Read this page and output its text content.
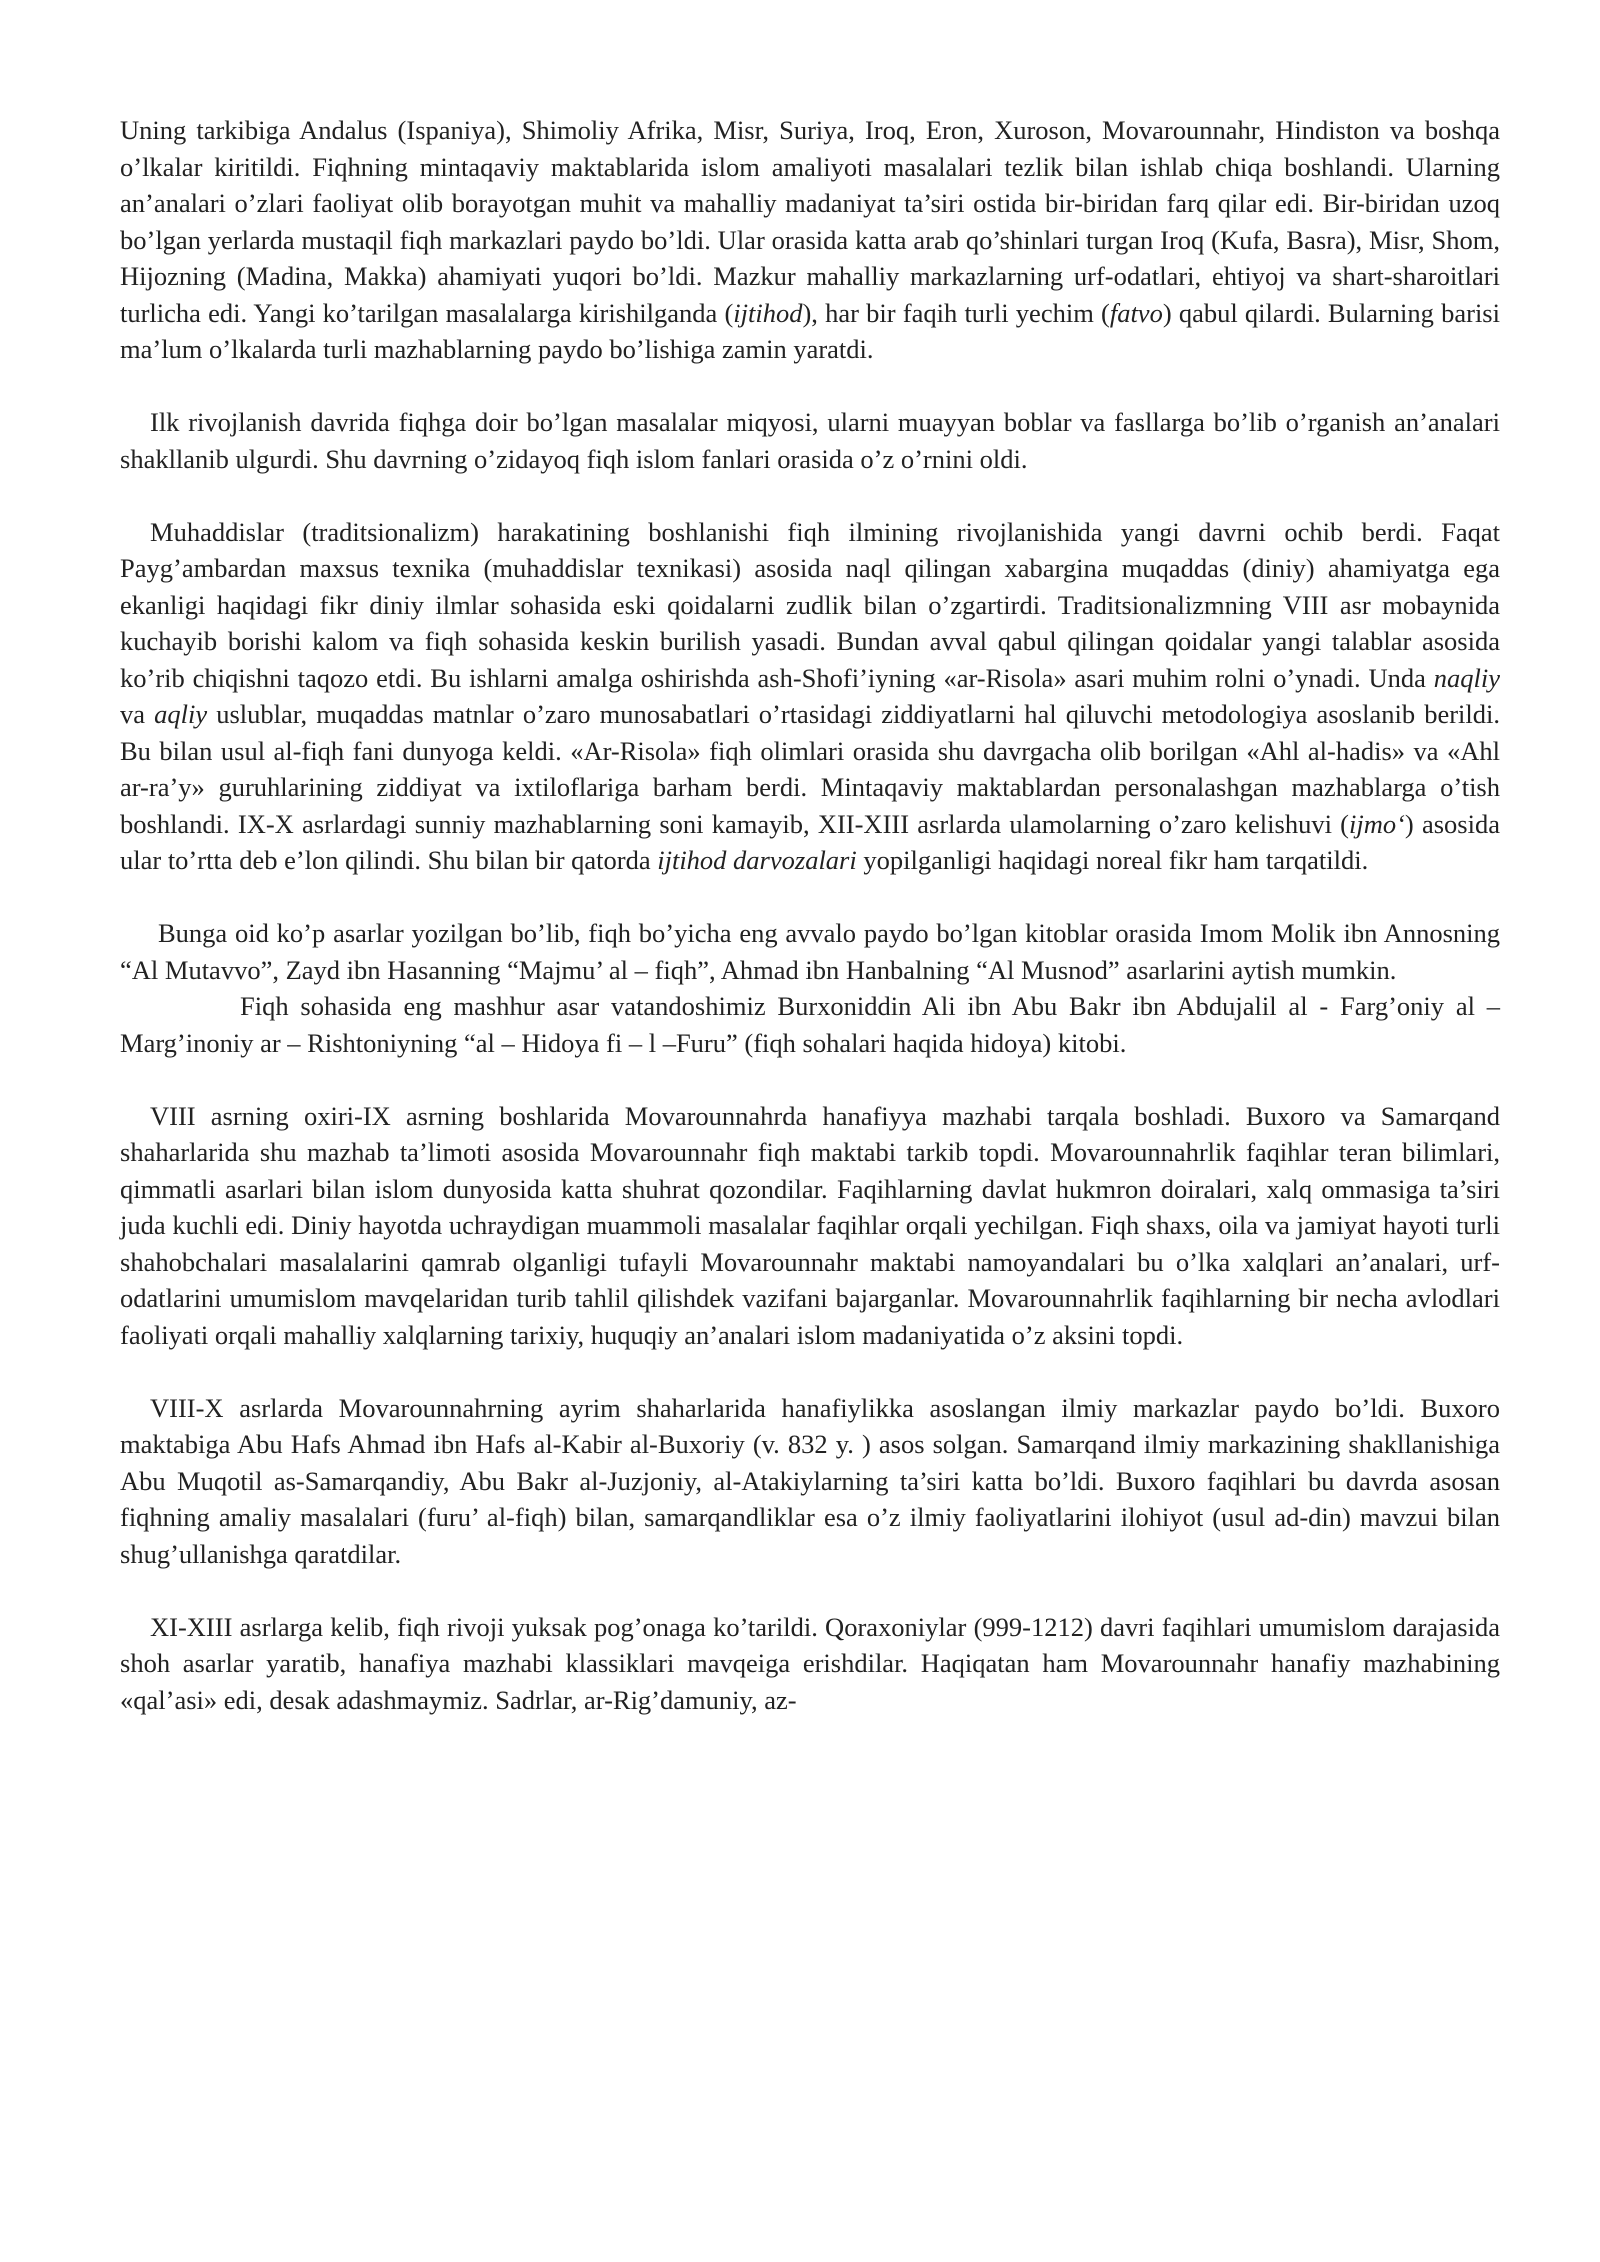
Uning tarkibiga Andalus (Ispaniya), Shimoliy Afrika, Misr, Suriya, Iroq, Eron, Xuroson, Movarounnahr, Hindiston va boshqa o’lkalar kiritildi. Fiqhning mintaqaviy maktablarida islom amaliyoti masalalari tezlik bilan ishlab chiqa boshlandi. Ularning an’analari o’zlari faoliyat olib borayotgan muhit va mahalliy madaniyat ta’siri ostida bir-biridan farq qilar edi. Bir-biridan uzoq bo’lgan yerlarda mustaqil fiqh markazlari paydo bo’ldi. Ular orasida katta arab qo’shinlari turgan Iroq (Kufa, Basra), Misr, Shom, Hijozning (Madina, Makka) ahamiyati yuqori bo’ldi. Mazkur mahalliy markazlarning urf-odatlari, ehtiyoj va shart-sharoitlari turlicha edi. Yangi ko’tarilgan masalalarga kirishilganda (ijtihod), har bir faqih turli yechim (fatvo) qabul qilardi. Bularning barisi ma’lum o’lkalarda turli mazhablarning paydo bo’lishiga zamin yaratdi.

Ilk rivojlanish davrida fiqhga doir bo’lgan masalalar miqyosi, ularni muayyan boblar va fasllarga bo’lib o’rganish an’analari shakllanib ulgurdi. Shu davrning o’zidayoq fiqh islom fanlari orasida o’z o’rnini oldi.

Muhaddislar (traditsionalizm) harakatining boshlanishi fiqh ilmining rivojlanishida yangi davrni ochib berdi. Faqat Payg’ambardan maxsus texnika (muhaddislar texnikasi) asosida naql qilingan xabargina muqaddas (diniy) ahamiyatga ega ekanligi haqidagi fikr diniy ilmlar sohasida eski qoidalarni zudlik bilan o’zgartirdi. Traditsionalizmning VIII asr mobaynida kuchayib borishi kalom va fiqh sohasida keskin burilish yasadi. Bundan avval qabul qilingan qoidalar yangi talablar asosida ko’rib chiqishni taqozo etdi. Bu ishlarni amalga oshirishda ash-Shofi’iyning «ar-Risola» asari muhim rolni o’ynadi. Unda naqliy va aqliy uslublar, muqaddas matnlar o’zaro munosabatlari o’rtasidagi ziddiyatlarni hal qiluvchi metodologiya asoslanib berildi. Bu bilan usul al-fiqh fani dunyoga keldi. «Ar-Risola» fiqh olimlari orasida shu davrgacha olib borilgan «Ahl al-hadis» va «Ahl ar-ra’y» guruhlarining ziddiyat va ixtiloflariga barham berdi. Mintaqaviy maktablardan personalashgan mazhablarga o’tish boshlandi. IX-X asrlardagi sunniy mazhablarning soni kamayib, XII-XIII asrlarda ulamolarning o’zaro kelishuvi (ijmo‘) asosida ular to’rtta deb e’lon qilindi. Shu bilan bir qatorda ijtihod darvozalari yopilganligi haqidagi noreal fikr ham tarqatildi.

Bunga oid ko’p asarlar yozilgan bo’lib, fiqh bo’yicha eng avvalo paydo bo’lgan kitoblar orasida Imom Molik ibn Annosning “Al Mutavvo”, Zayd ibn Hasanning “Majmu’ al – fiqh”, Ahmad ibn Hanbalning “Al Musnod” asarlarini aytish mumkin.

Fiqh sohasida eng mashhur asar vatandoshimiz Burxoniddin Ali ibn Abu Bakr ibn Abdujalil al - Farg’oniy al – Marg’inoniy ar – Rishtoniyning “al – Hidoya fi – l –Furu” (fiqh sohalari haqida hidoya) kitobi.

VIII asrning oxiri-IX asrning boshlarida Movarounnahrda hanafiyya mazhabi tarqala boshladi. Buxoro va Samarqand shaharlarida shu mazhab ta’limoti asosida Movarounnahr fiqh maktabi tarkib topdi. Movarounnahrlik faqihlar teran bilimlari, qimmatli asarlari bilan islom dunyosida katta shuhrat qozondilar. Faqihlarning davlat hukmron doiralari, xalq ommasiga ta’siri juda kuchli edi. Diniy hayotda uchraydigan muammoli masalalar faqihlar orqali yechilgan. Fiqh shaxs, oila va jamiyat hayoti turli shahobchalari masalalarini qamrab olganligi tufayli Movarounnahr maktabi namoyandalari bu o’lka xalqlari an’analari, urf-odatlarini umumislom mavqelaridan turib tahlil qilishdek vazifani bajarganlar. Movarounnahrlik faqihlarning bir necha avlodlari faoliyati orqali mahalliy xalqlarning tarixiy, huquqiy an’analari islom madaniyatida o’z aksini topdi.

VIII-X asrlarda Movarounnahrning ayrim shaharlarida hanafiylikka asoslangan ilmiy markazlar paydo bo’ldi. Buxoro maktabiga Abu Hafs Ahmad ibn Hafs al-Kabir al-Buxoriy (v. 832 y. ) asos solgan. Samarqand ilmiy markazining shakllanishiga Abu Muqotil as-Samarqandiy, Abu Bakr al-Juzjoniy, al-Atakiylarning ta’siri katta bo’ldi. Buxoro faqihlari bu davrda asosan fiqhning amaliy masalalari (furu’ al-fiqh) bilan, samarqandliklar esa o’z ilmiy faoliyatlarini ilohiyot (usul ad-din) mavzui bilan shug’ullanishga qaratdilar.

XI-XIII asrlarga kelib, fiqh rivoji yuksak pog’onaga ko’tarildi. Qoraxoniylar (999-1212) davri faqihlari umumislom darajasida shoh asarlar yaratib, hanafiya mazhabi klassiklari mavqeiga erishdilar. Haqiqatan ham Movarounnahr hanafiy mazhabining «qal’asi» edi, desak adashmaymiz. Sadrlar, ar-Rig’damuniy, az-
